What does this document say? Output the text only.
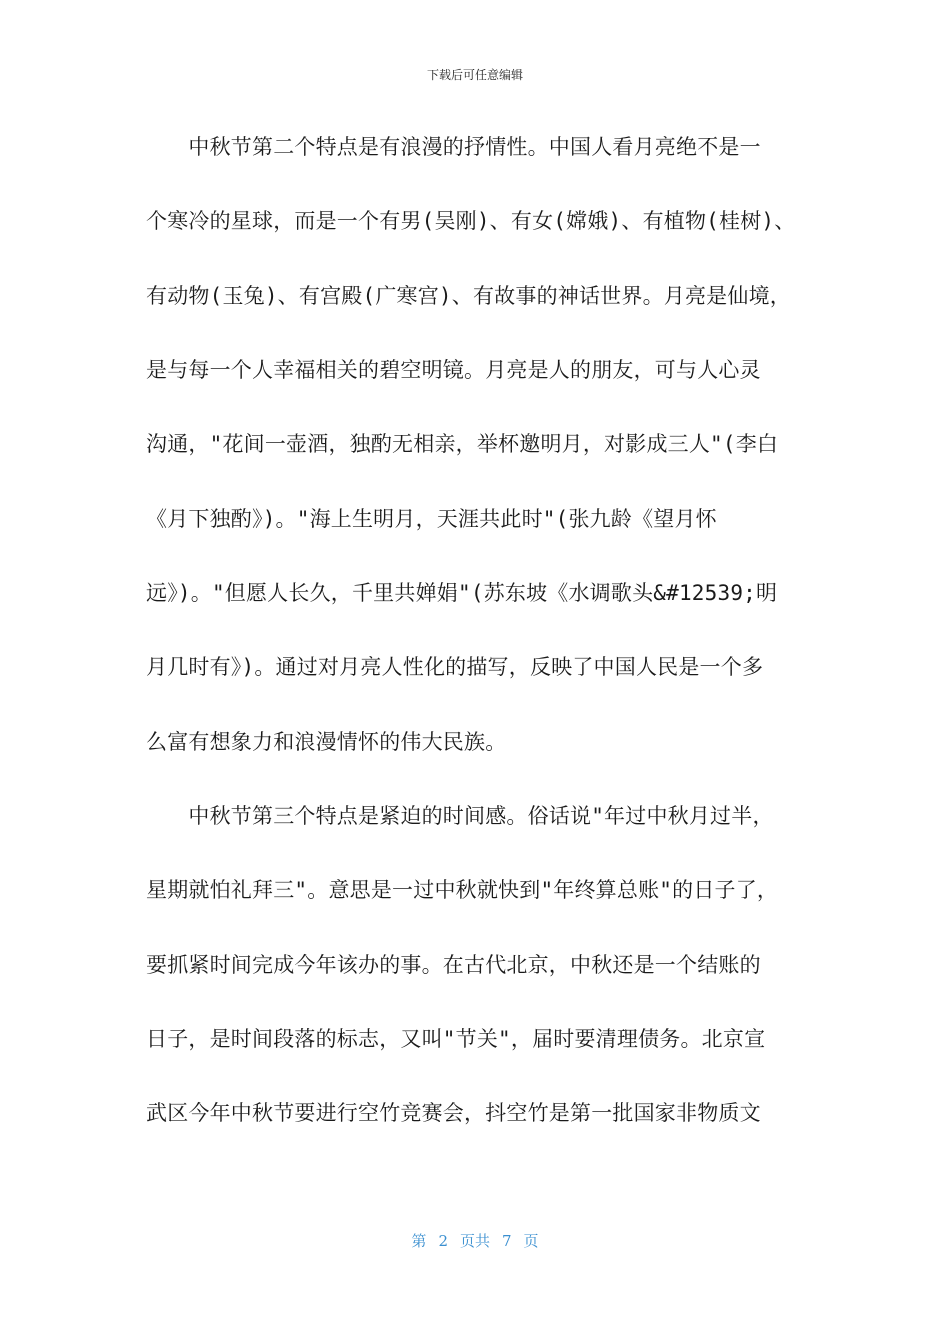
下载后可任意编辑
　　中秋节第二个特点是有浪漫的抒情性。中国人看月亮绝不是一
个寒冷的星球，而是一个有男(吴刚)、有女(嫦娥)、有植物(桂树)、
有动物(玉兔)、有宫殿(广寒宫)、有故事的神话世界。月亮是仙境，
是与每一个人幸福相关的碧空明镜。月亮是人的朋友，可与人心灵
沟通，"花间一壶酒，独酌无相亲，举杯邀明月，对影成三人"(李白
《月下独酌》)。"海上生明月，天涯共此时"(张九龄《望月怀
远》)。"但愿人长久，千里共婵娟"(苏东坡《水调歌头&#12539;明
月几时有》)。通过对月亮人性化的描写，反映了中国人民是一个多
么富有想象力和浪漫情怀的伟大民族。
　　中秋节第三个特点是紧迫的时间感。俗话说"年过中秋月过半，
星期就怕礼拜三"。意思是一过中秋就快到"年终算总账"的日子了，
要抓紧时间完成今年该办的事。在古代北京，中秋还是一个结账的
日子，是时间段落的标志，又叫"节关"，届时要清理债务。北京宣
武区今年中秋节要进行空竹竞赛会，抖空竹是第一批国家非物质文
第 2 页共 7 页
